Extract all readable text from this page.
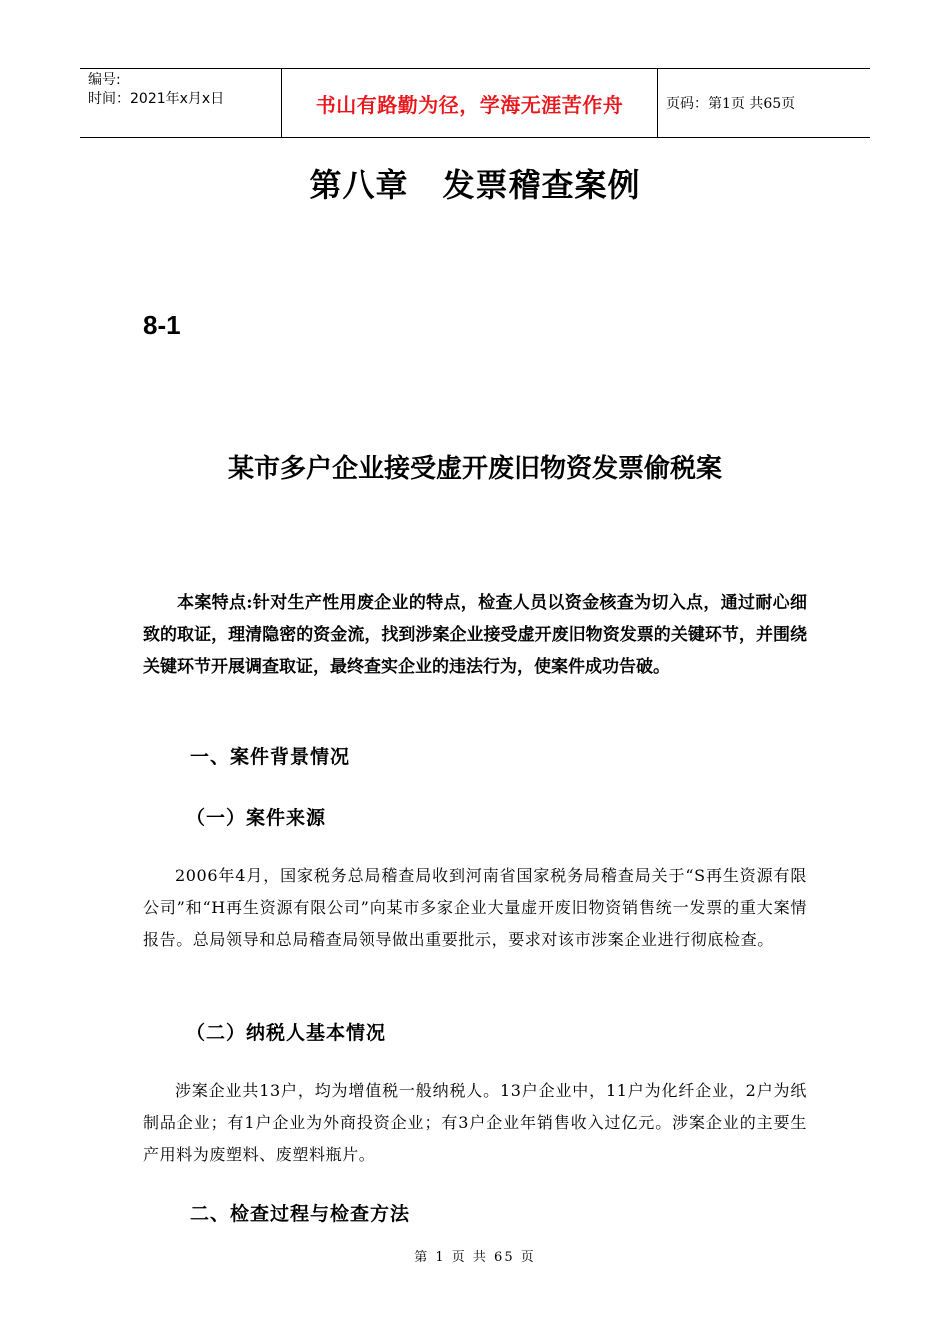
编号:
时间：2021年x月x日	书山有路勤为径，学海无涯苦作舟	页码：第1页 共65页
第八章 发票稽查案例
8-1
某市多户企业接受虚开废旧物资发票偷税案
本案特点:针对生产性用废企业的特点，检查人员以资金核查为切入点，通过耐心细致的取证，理清隐密的资金流，找到涉案企业接受虚开废旧物资发票的关键环节，并围绕关键环节开展调查取证，最终查实企业的违法行为，使案件成功告破。
一、案件背景情况
（一）案件来源
2006年4月，国家税务总局稽查局收到河南省国家税务局稽查局关于“S再生资源有限公司”和“H再生资源有限公司”向某市多家企业大量虚开废旧物资销售统一发票的重大案情报告。总局领导和总局稽查局领导做出重要批示，要求对该市涉案企业进行彻底检查。
（二）纳税人基本情况
涉案企业共13户，均为增值税一般纳税人。13户企业中，11户为化纤企业，2户为纸制品企业；有1户企业为外商投资企业；有3户企业年销售收入过亿元。涉案企业的主要生产用料为废塑料、废塑料瓶片。
二、检查过程与检查方法
第 1 页 共 65 页
